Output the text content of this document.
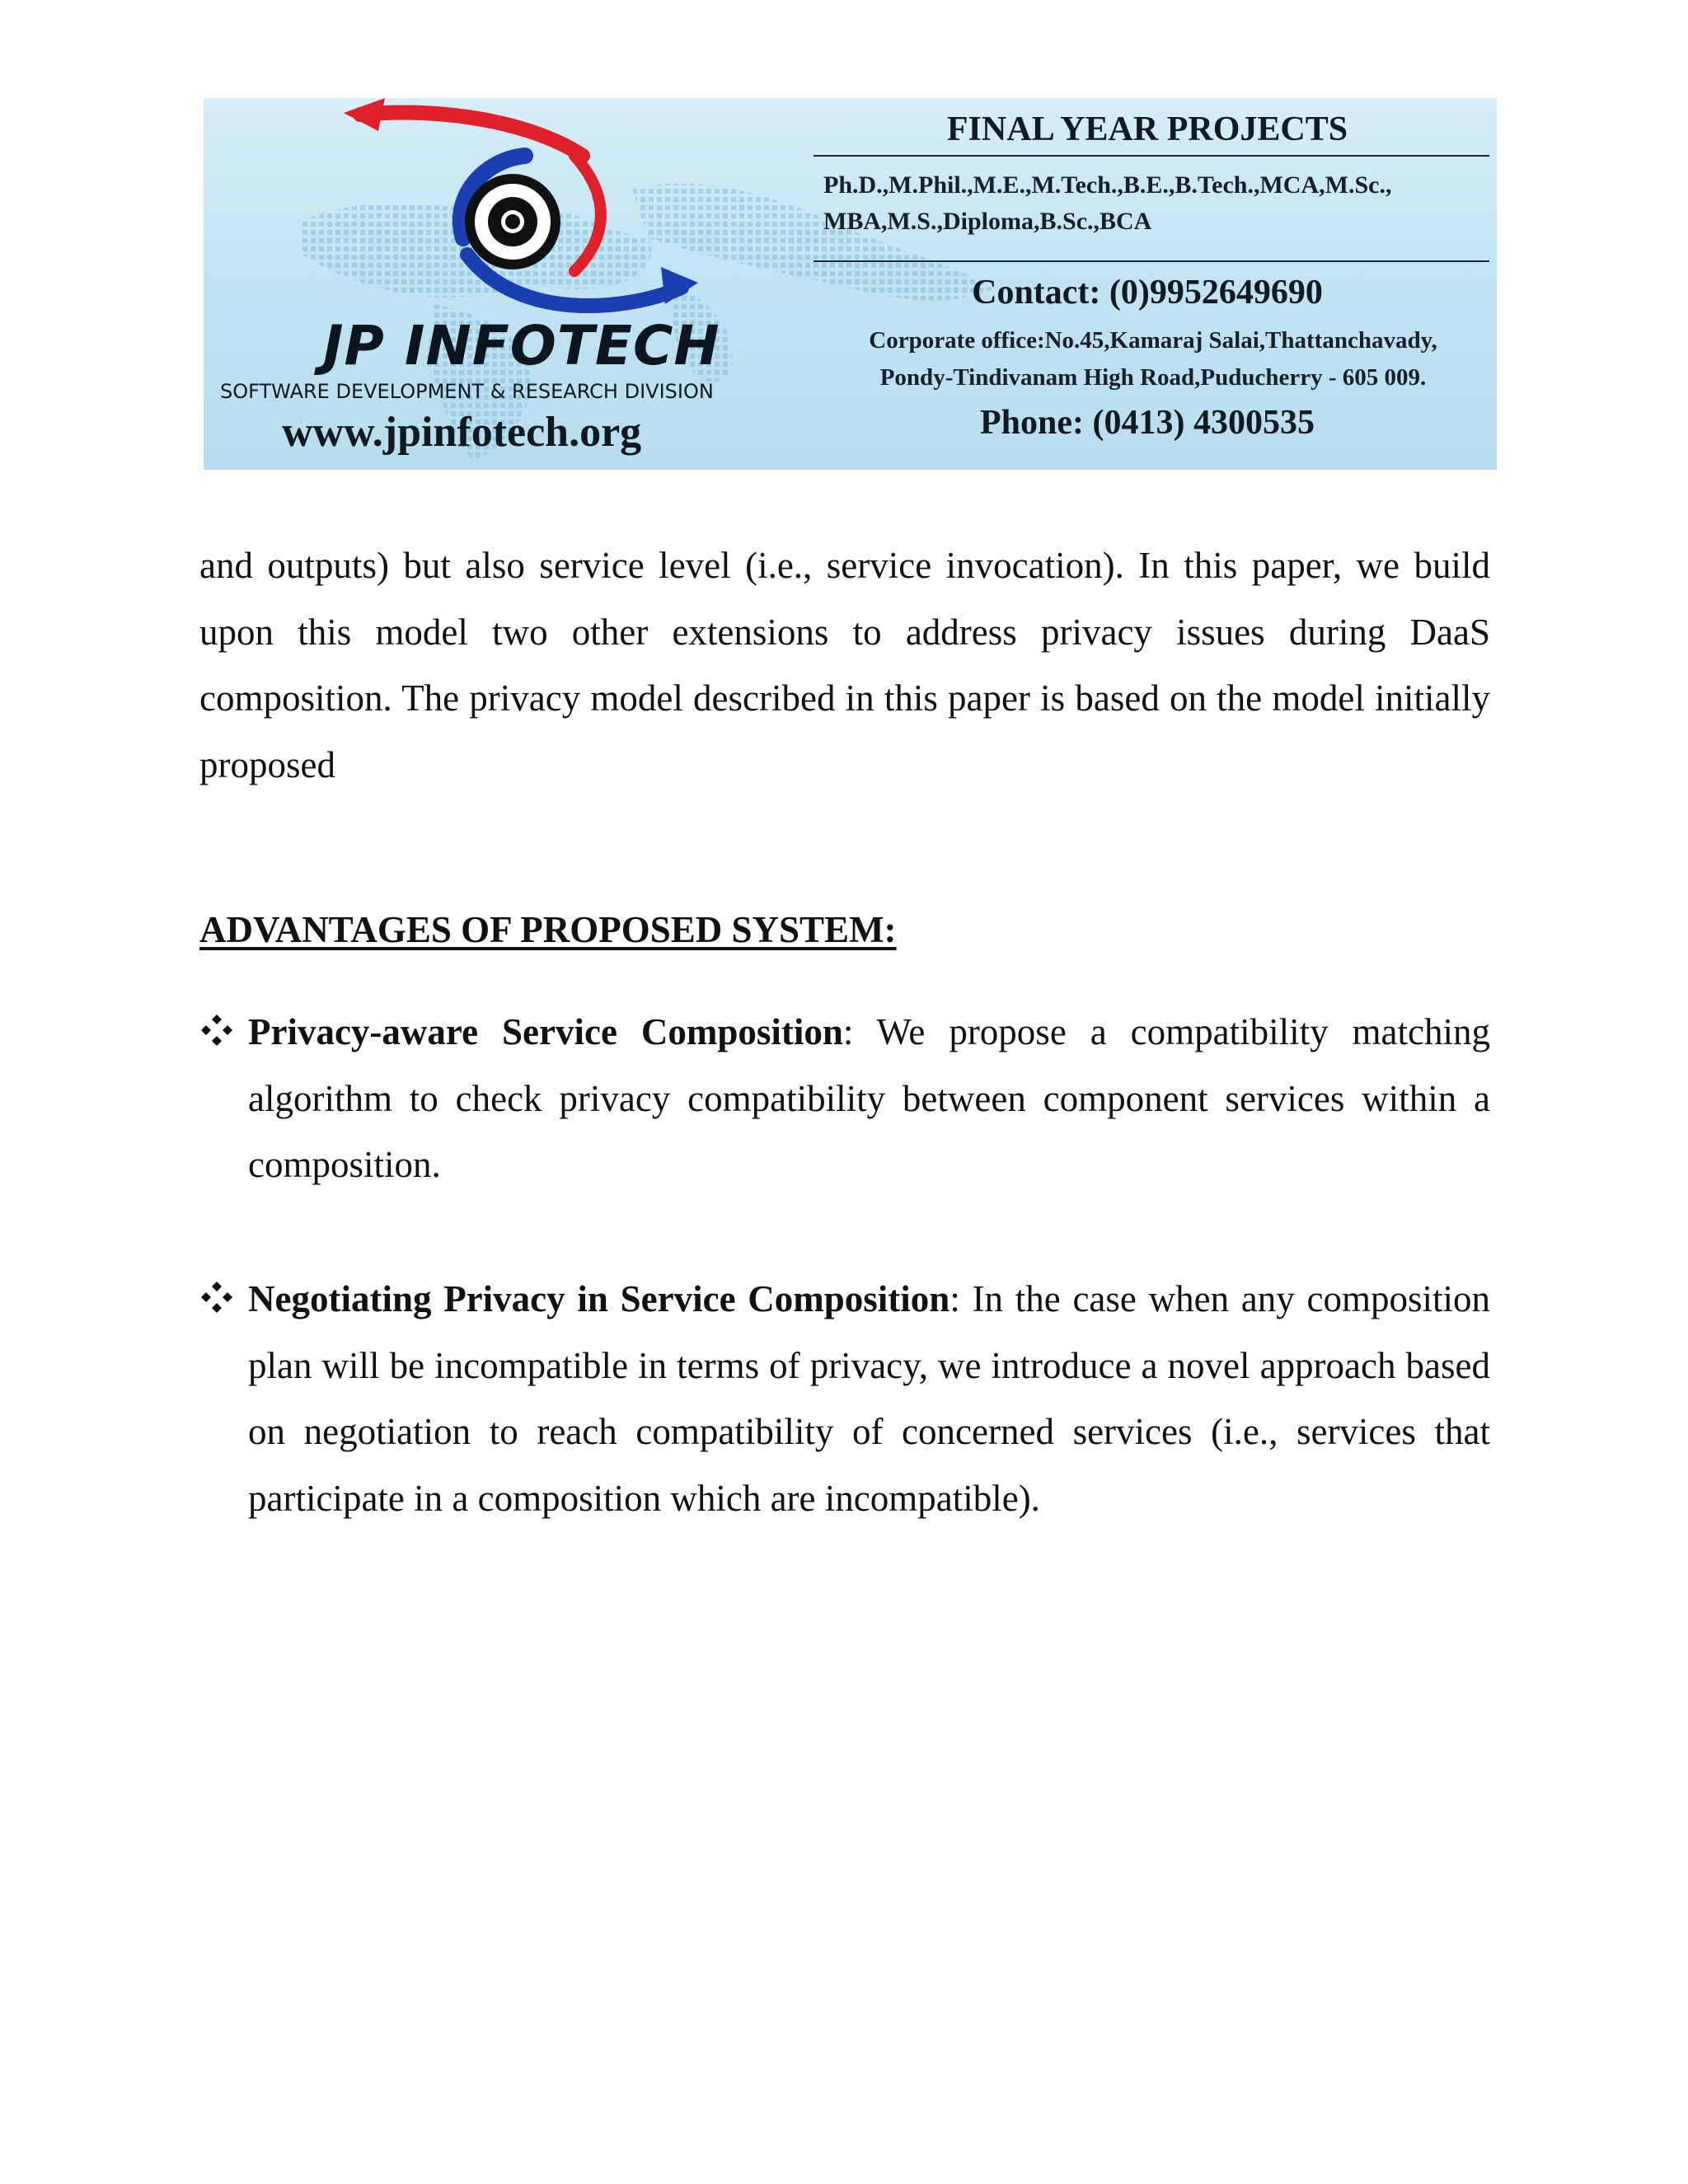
JP INFOTECH
SOFTWARE DEVELOPMENT & RESEARCH DIVISION
www.jpinfotech.org
FINAL YEAR PROJECTS
Ph.D.,M.Phil.,M.E.,M.Tech.,B.E.,B.Tech.,MCA,M.Sc.,
MBA,M.S.,Diploma,B.Sc.,BCA
Contact: (0)9952649690
Corporate office:No.45,Kamaraj Salai,Thattanchavady,
Pondy-Tindivanam High Road,Puducherry - 605 009.
Phone: (0413) 4300535
and outputs) but also service level (i.e., service invocation). In this paper, we build upon this model two other extensions to address privacy issues during DaaS composition. The privacy model described in this paper is based on the model initially proposed
ADVANTAGES OF PROPOSED SYSTEM:
Privacy-aware Service Composition: We propose a compatibility matching algorithm to check privacy compatibility between component services within a composition.
Negotiating Privacy in Service Composition: In the case when any composition plan will be incompatible in terms of privacy, we introduce a novel approach based on negotiation to reach compatibility of concerned services (i.e., services that participate in a composition which are incompatible).
